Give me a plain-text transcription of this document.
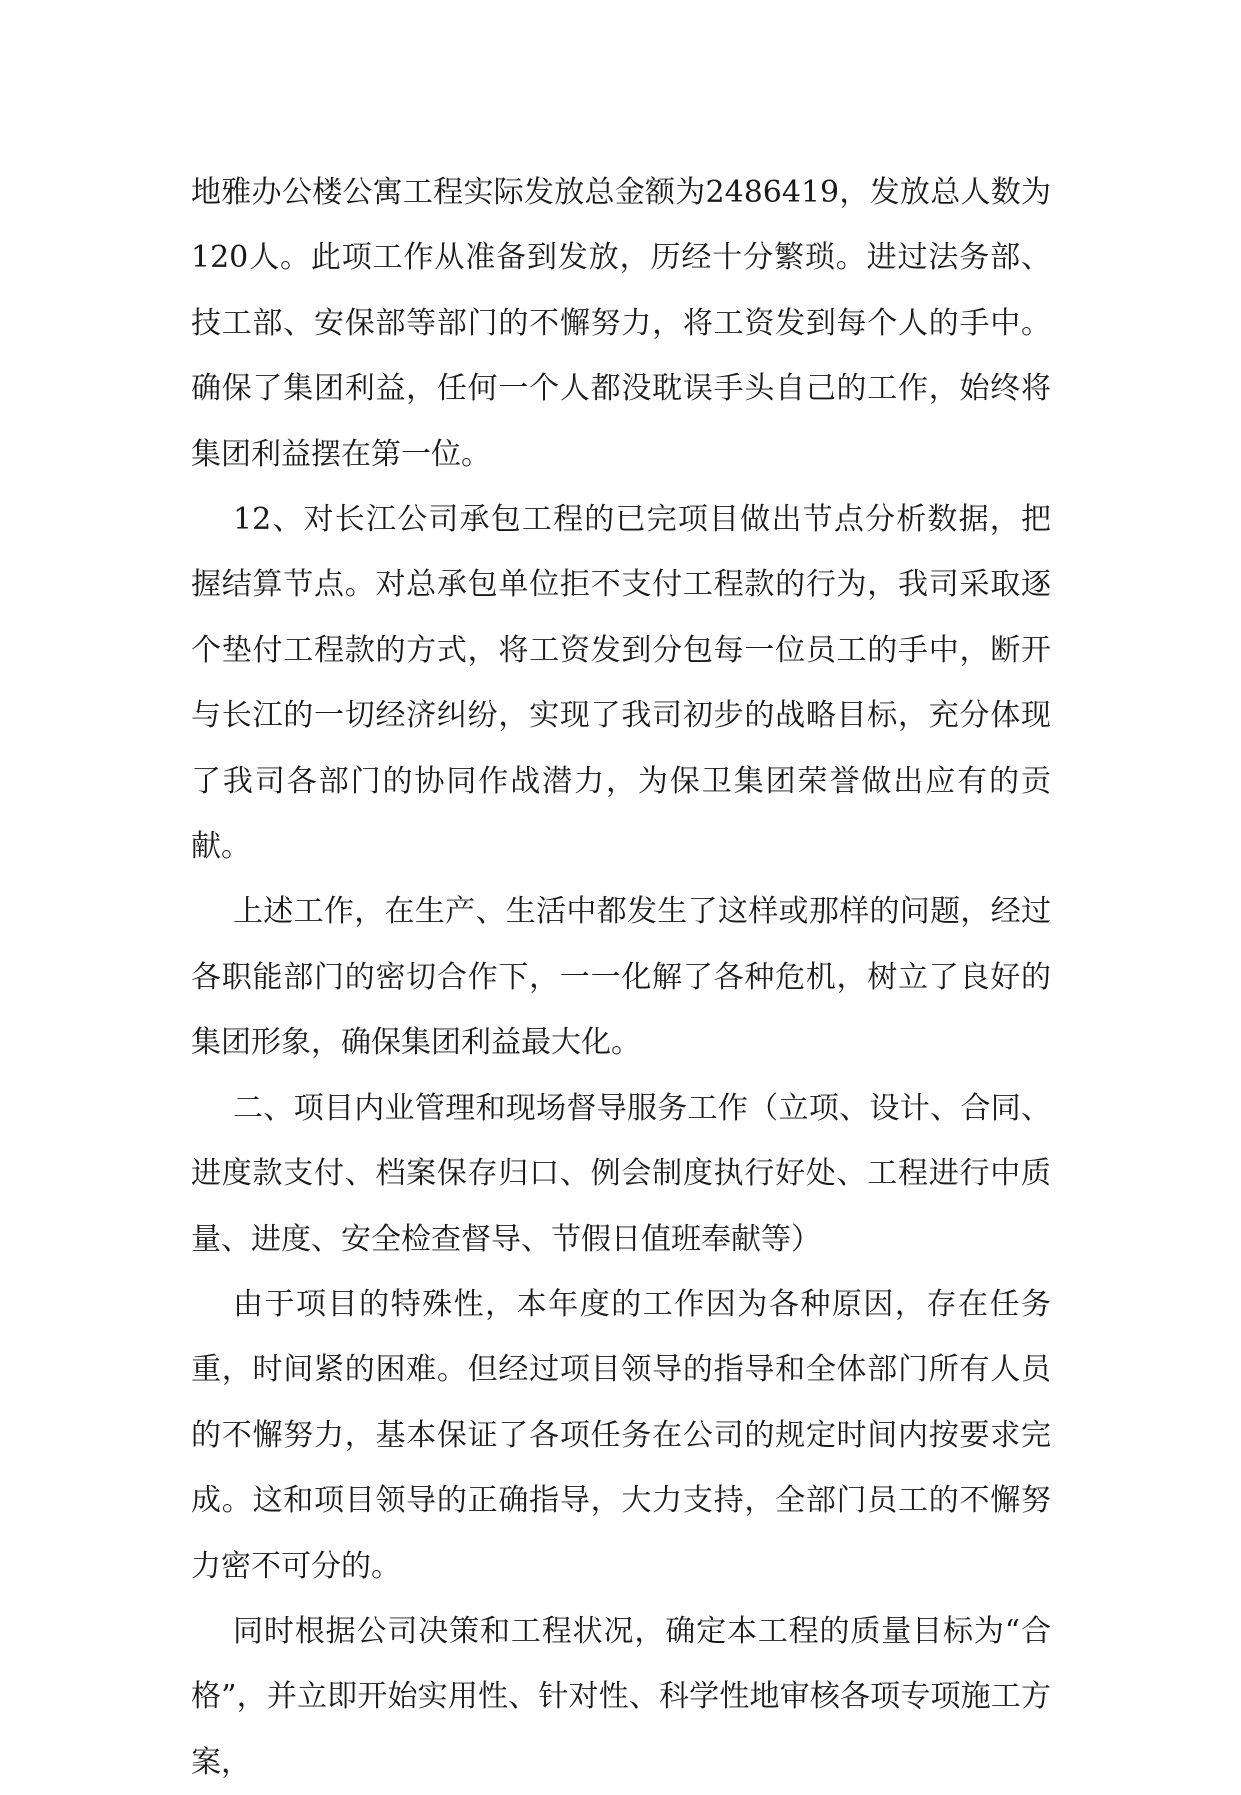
地雅办公楼公寓工程实际发放总金额为2486419，发放总人数为120人。此项工作从准备到发放，历经十分繁琐。进过法务部、技工部、安保部等部门的不懈努力，将工资发到每个人的手中。确保了集团利益，任何一个人都没耽误手头自己的工作，始终将集团利益摆在第一位。

12、对长江公司承包工程的已完项目做出节点分析数据，把握结算节点。对总承包单位拒不支付工程款的行为，我司采取逐个垫付工程款的方式，将工资发到分包每一位员工的手中，断开与长江的一切经济纠纷，实现了我司初步的战略目标，充分体现了我司各部门的协同作战潜力，为保卫集团荣誉做出应有的贡献。

上述工作，在生产、生活中都发生了这样或那样的问题，经过各职能部门的密切合作下，一一化解了各种危机，树立了良好的集团形象，确保集团利益最大化。

二、项目内业管理和现场督导服务工作（立项、设计、合同、进度款支付、档案保存归口、例会制度执行好处、工程进行中质量、进度、安全检查督导、节假日值班奉献等）

由于项目的特殊性，本年度的工作因为各种原因，存在任务重，时间紧的困难。但经过项目领导的指导和全体部门所有人员的不懈努力，基本保证了各项任务在公司的规定时间内按要求完成。这和项目领导的正确指导，大力支持，全部门员工的不懈努力密不可分的。

同时根据公司决策和工程状况，确定本工程的质量目标为“合格”，并立即开始实用性、针对性、科学性地审核各项专项施工方案，
